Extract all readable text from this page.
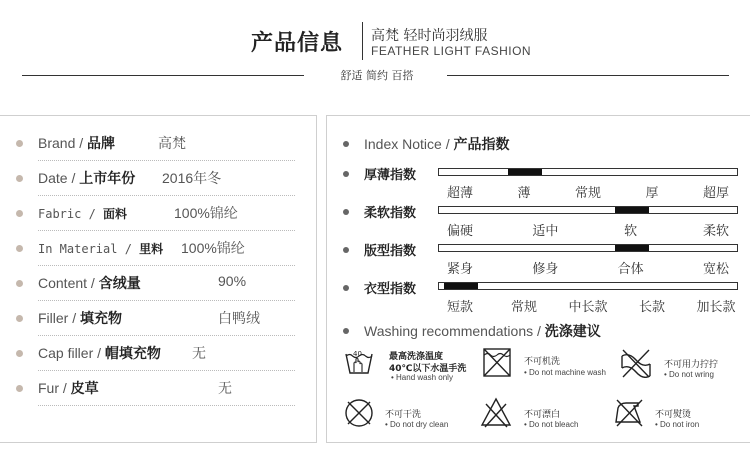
产品信息 高梵 轻时尚羽绒服
FEATHER LIGHT FASHION
舒适 简约 百搭
Brand / 品牌	高梵
Date / 上市年份 2016年冬
Fabric / 面料	100%锦纶
In Material / 里料 100%锦纶
Content / 含绒量	90%
Filler / 填充物	白鸭绒
Cap filler / 帽填充物 无
Fur / 皮草	无
Index Notice / 产品指数
厚薄指数
超薄	薄	常规	厚	超厚
柔软指数
偏硬	适中	软	柔软
版型指数
紧身	修身	合体	宽松
衣型指数
短款	常规 中长款 长款 加长款
Washing recommendations / 洗涤建议
40	最高洗涤温度
40℃以下水温手洗
• Hand wash only
不可机洗
• Do not machine wash
不可用力拧拧
• Do not wring
不可干洗
• Do not dry clean
不可漂白
• Do not bleach
不可熨烫
• Do not iron
